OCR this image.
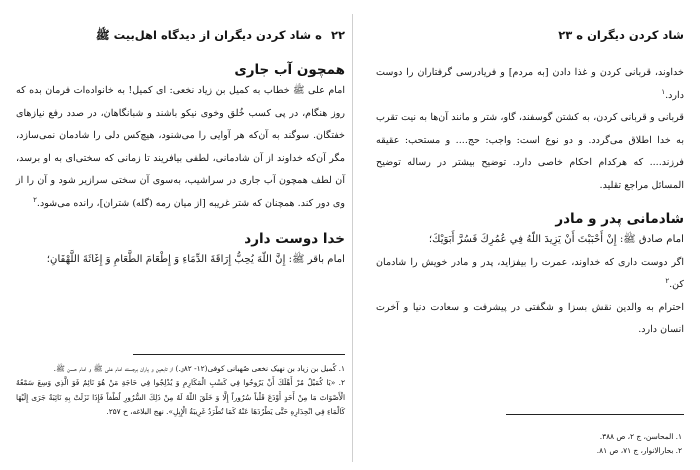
۲۲ ه شاد کردن دیگران از دیدگاه اهل‌بیت ﷺ
همچون آب جاری

امام علی ﷺ خطاب به کمیل بن زیاد نخعی: ای کمیل! به خانواده‌ات فرمان بده که روز هنگام، در پی کسب خُلق وخوی نیکو باشند و شبانگاهان، در صدد رفع نیازهای خفتگان. سوگند به آن‌که هر آوایی را می‌شنود، هیچ‌کس دلی را شادمان نمی‌سازد، مگر آن‌که خداوند از آن شادمانی، لطفی بیافریند تا زمانی که سختی‌ای به او برسد، آن لطف همچون آب جاری در سراشیب، به‌سوی آن سختی سرازیر شود و آن را از وی دور کند. همچنان که شتر غریبه [از میان رمه (گله) شتران]، رانده می‌شود.$^۲$

خدا دوست دارد

امام باقر ﷺ: إِنَّ اللّهَ يُحِبُّ إِرَاقَةَ الدِّمَاءِ وَ إِطْعَامَ الطَّعَامِ وَ إِغَاثَةَ اللَّهْفَانِ؛

۱. کُمیل بن زیاد بن نهیک نخعی صُهبانی کوفی(۱۲- ۸۲ق.) از تابعین و یاران برجسته امام علی ﷺ و امام حسن ﷺ.

۲. «يَا كُمَيْلُ مُرْ أَهْلَكَ أَنْ يَرُوحُوا فِي كَسْبِ الْمَكَارِمِ وَ يُدْلِجُوا فِي حَاجَةِ مَنْ هُوَ نَائِمٌ فَوَ الَّذِي وَسِعَ سَمْعُهُ الْأَصْوَاتَ مَا مِنْ أَحَدٍ أَوْدَعَ قَلْباً سُرُوراً إِلَّا وَ خَلَقَ اللّهُ لَهُ مِنْ ذَلِكَ السُّرُورِ لُطْفاً فَإِذَا نَزَلَتْ بِهِ نَائِبَةٌ جَرَى إِلَيْهَا كَالْمَاءِ فِي انْحِدَارِهِ حَتَّى يَطْرُدَهَا عَنْهُ كَمَا تُطْرَدُ غَرِيبَةُ الْإِبِلِ». نهج البلاغه، ح ۲۵۷.

شاد کردن دیگران ه ۲۳

خداوند، قربانی کردن و غذا دادن [به مردم] و فریادرسی گرفتاران را دوست دارد.$^۱$

قربانی و قربانی کردن، به کشتن گوسفند، گاو، شتر و مانند آن‌ها به نیت تقرب به خدا اطلاق می‌گردد. و دو نوع است: واجب: حج.... و مستحب: عقیقه فرزند.... که هرکدام احکام خاصی دارد. توضیح بیشتر در رساله توضیح المسائل مراجع تقلید.

شادمانی پدر و مادر

امام صادق ﷺ: إِنْ أَحْبَبْتَ أَنْ يَزِيدَ اللّهُ فِي عُمُرِكَ فَسُرَّ أَبَوَيْكَ؛

اگر دوست داری که خداوند، عمرت را بیفزاید، پدر و مادر خویش را شادمان کن.$^۲$

احترام به والدین نقش بسزا و شگفتی در پیشرفت و سعادت دنیا و آخرت انسان دارد.

۱. المحاسن، ج ۲، ص ۳۸۸.

۲. بحارالانوار، ج ۷۱، ص ۸۱.
